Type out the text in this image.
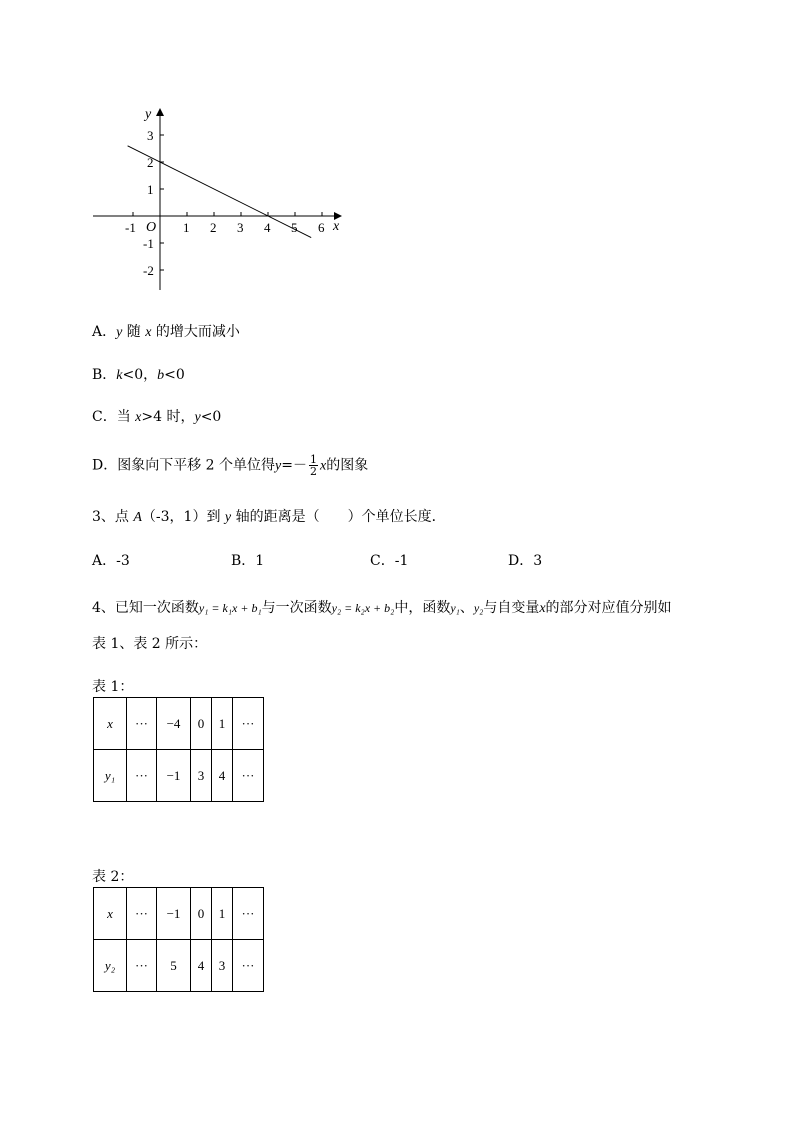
y
x
O
-1	1 2 3 4 5 6
3
2
1
-1
-2
A．y 随 x 的增大而减小
B．k<0，b<0
C．当 x>4 时，y<0
D．图象向下平移 2 个单位得$y=- \frac{1}{2}$ x的图象
3、点 A（-3，1）到 y 轴的距离是（　　）个单位长度．
A．-3	B．1	C．-1	D．3
4、已知一次函数y₁ = k₁x + b₁与一次函数y₂ = k₂x + b₂中，函数y₁、y₂与自变量x的部分对应值分别如
表 1、表 2 所示：
表 1：
x	···	−4	0	1	···
y₁	···	−1	3	4	···
表 2：
x	···	−1	0	1	···
y₂	···	5	4	3	···
